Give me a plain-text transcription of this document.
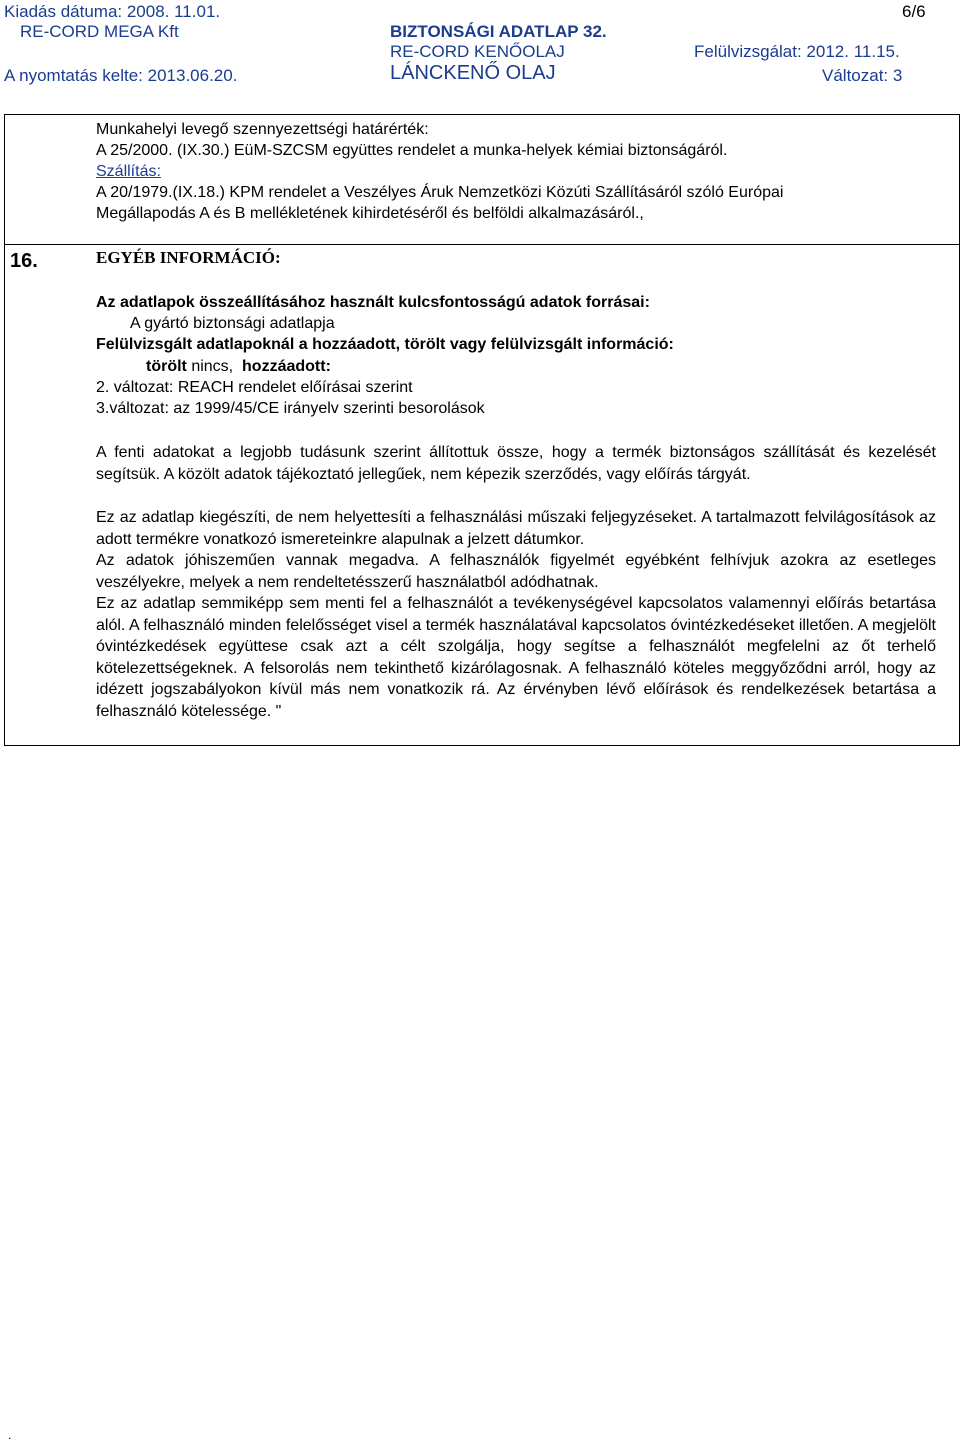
Kiadás dátuma: 2008. 11.01.	6/6
RE-CORD MEGA Kft	BIZTONSÁGI ADATLAP 32.
RE-CORD KENŐOLAJ	Felülvizsgálat: 2012. 11.15.
A nyomtatás kelte: 2013.06.20.	LÁNCKENŐ OLAJ	Változat: 3
Munkahelyi levegő szennyezettségi határérték:
A 25/2000. (IX.30.) EüM-SZCSM együttes rendelet a munka-helyek kémiai biztonságáról.
Szállítás:
A 20/1979.(IX.18.) KPM rendelet a Veszélyes Áruk Nemzetközi Közúti Szállításáról szóló Európai
Megállapodás A és B mellékletének kihirdetéséről és belföldi alkalmazásáról.,
16.	EGYÉB INFORMÁCIÓ:
Az adatlapok összeállításához használt kulcsfontosságú adatok forrásai:
A gyártó biztonsági adatlapja
Felülvizsgált adatlapoknál a hozzáadott, törölt vagy felülvizsgált információ:
törölt nincs, hozzáadott:
2. változat: REACH rendelet előírásai szerint
3.változat: az 1999/45/CE irányelv szerinti besorolások
A fenti adatokat a legjobb tudásunk szerint állítottuk össze, hogy a termék biztonságos szállítását és kezelését segítsük. A közölt adatok tájékoztató jellegűek, nem képezik szerződés, vagy előírás tárgyát.
Ez az adatlap kiegészíti, de nem helyettesíti a felhasználási műszaki feljegyzéseket. A tartalmazott felvilágosítások az adott termékre vonatkozó ismereteinkre alapulnak a jelzett dátumkor.
Az adatok jóhiszeműen vannak megadva. A felhasználók figyelmét egyébként felhívjuk azokra az esetleges veszélyekre, melyek a nem rendeltetésszerű használatból adódhatnak.
Ez az adatlap semmiképp sem menti fel a felhasználót a tevékenységével kapcsolatos valamennyi előírás betartása alól. A felhasználó minden felelősséget visel a termék használatával kapcsolatos óvintézkedéseket illetően. A megjelölt óvintézkedések együttese csak azt a célt szolgálja, hogy segítse a felhasználót megfelelni az őt terhelő kötelezettségeknek. A felsorolás nem tekinthető kizárólagosnak. A felhasználó köteles meggyőződni arról, hogy az idézett jogszabályokon kívül más nem vonatkozik rá. Az érvényben lévő előírások és rendelkezések betartása a felhasználó kötelessége. "
.
